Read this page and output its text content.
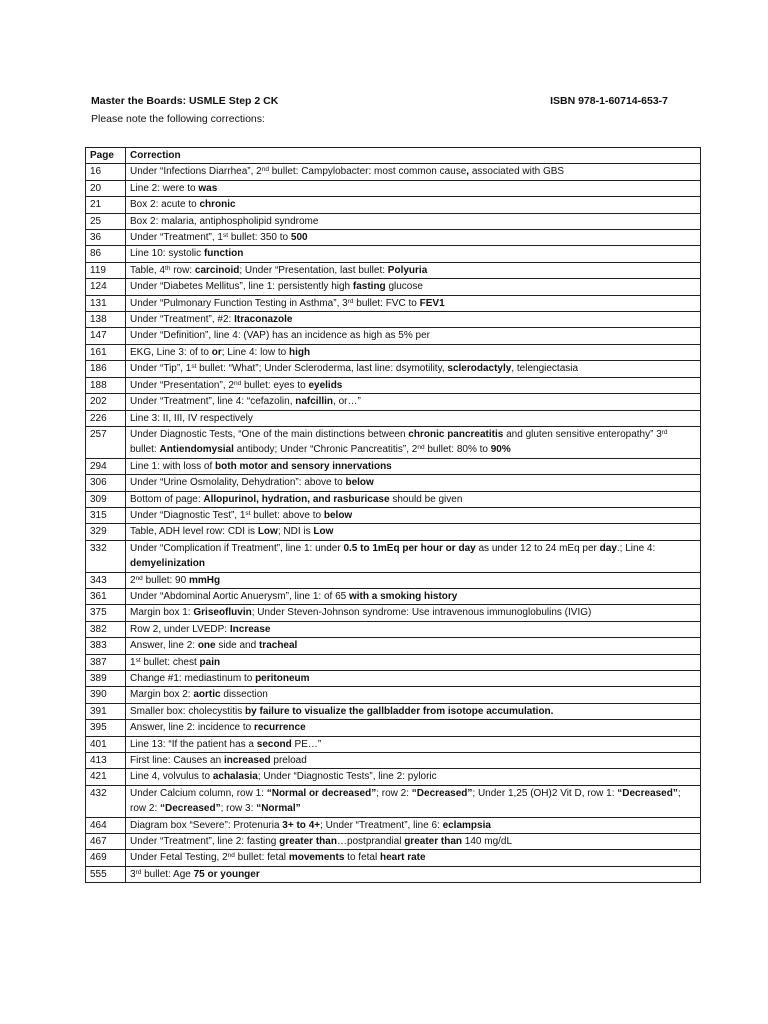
Master the Boards: USMLE Step 2 CK	ISBN 978-1-60714-653-7
Please note the following corrections:
Page	Correction
16	Under “Infections Diarrhea”, 2nd bullet: Campylobacter: most common cause, associated with GBS
20	Line 2: were to was
21	Box 2: acute to chronic
25	Box 2: malaria, antiphospholipid syndrome
36	Under “Treatment”, 1st bullet: 350 to 500
86	Line 10: systolic function
119	Table, 4th row: carcinoid; Under “Presentation, last bullet: Polyuria
124	Under “Diabetes Mellitus”, line 1: persistently high fasting glucose
131	Under “Pulmonary Function Testing in Asthma”, 3rd bullet: FVC to FEV1
138	Under “Treatment”, #2: Itraconazole
147	Under “Definition”, line 4: (VAP) has an incidence as high as 5% per
161	EKG, Line 3: of to or; Line 4: low to high
186	Under “Tip”, 1st bullet: “What”; Under Scleroderma, last line: dsymotility, sclerodactyly, telengiectasia
188	Under “Presentation”, 2nd bullet: eyes to eyelids
202	Under “Treatment”, line 4: “cefazolin, nafcillin, or…”
226	Line 3: II, III, IV respectively
257	Under Diagnostic Tests, “One of the main distinctions between chronic pancreatitis and gluten sensitive enteropathy” 3rd bullet: Antiendomysial antibody; Under “Chronic Pancreatitis”, 2nd bullet: 80% to 90%
294	Line 1: with loss of both motor and sensory innervations
306	Under “Urine Osmolality, Dehydration”: above to below
309	Bottom of page: Allopurinol, hydration, and rasburicase should be given
315	Under “Diagnostic Test”, 1st bullet: above to below
329	Table, ADH level row: CDI is Low; NDI is Low
332	Under “Complication if Treatment”, line 1: under 0.5 to 1mEq per hour or day as under 12 to 24 mEq per day.; Line 4: demyelinization
343	2nd bullet: 90 mmHg
361	Under “Abdominal Aortic Anuerysm”, line 1: of 65 with a smoking history
375	Margin box 1: Griseofluvin; Under Steven-Johnson syndrome: Use intravenous immunoglobulins (IVIG)
382	Row 2, under LVEDP: Increase
383	Answer, line 2: one side and tracheal
387	1st bullet: chest pain
389	Change #1: mediastinum to peritoneum
390	Margin box 2: aortic dissection
391	Smaller box: cholecystitis by failure to visualize the gallbladder from isotope accumulation.
395	Answer, line 2: incidence to recurrence
401	Line 13: “If the patient has a second PE…”
413	First line: Causes an increased preload
421	Line 4, volvulus to achalasia; Under “Diagnostic Tests”, line 2: pyloric
432	Under Calcium column, row 1: “Normal or decreased”; row 2: “Decreased”; Under 1,25 (OH)2 Vit D, row 1: “Decreased”; row 2: “Decreased”; row 3: “Normal”
464	Diagram box “Severe”: Protenuria 3+ to 4+; Under “Treatment”, line 6: eclampsia
467	Under “Treatment”, line 2: fasting greater than…postprandial greater than 140 mg/dL
469	Under Fetal Testing, 2nd bullet: fetal movements to fetal heart rate
555	3rd bullet: Age 75 or younger
